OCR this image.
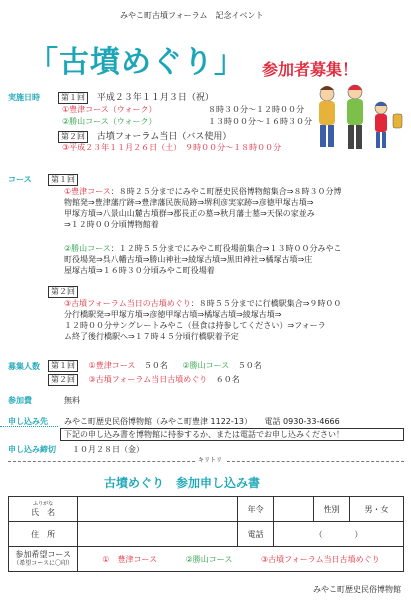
みやこ町古墳フォーラム　記念イベント
「古墳めぐり」 参加者募集！
実施日時	第１回 平成２３年１１月３日（祝）
①豊津コース（ウォーク）	８時３０分～１２時００分
②勝山コース（ウォーク）	１３時００分～１６時３０分
第２回 古墳フォーラム当日（バス使用）
③平成２３年１１月２６日（土）　９時００分～１８時００分
コース	第１回
①豊津コース：８時２５分までにみやこ町歴史民俗博物館集合⇒８時３０分博
物館発⇒豊津藩庁跡⇒豊津藩民族局跡⇒堺利彦実家跡⇒彦徳甲塚古墳⇒
甲塚方墳⇒八景山山麓古墳群⇒郡長正の墓⇒秋月藩士墓⇒天保の家並み
⇒１２時００分頃博物館着
②勝山コース：１２時５５分までにみやこ町役場前集合⇒１３時００分みやこ
町役場発⇒呉八幡古墳⇒勝山神社⇒綾塚古墳⇒黒田神社⇒橘塚古墳⇒庄
屋塚古墳⇒１６時３０分頃みやこ町役場着
第２回
③古墳フォーラム当日の古墳めぐり：８時５５分までに行橋駅集合⇒９時００
分行橋駅発⇒甲塚方墳⇒彦徳甲塚古墳⇒橘塚古墳⇒綾塚古墳⇒
１２時００分サングレートみやこ（昼食は持参してください）⇒フォーラ
ム終了後行橋駅へ⇒１７時４５分頃行橋駅着予定
募集人数	第１回 ①豊津コース ５０名 ②勝山コース ５０名
第２回 ③古墳フォーラム当日古墳めぐり ６０名
参加費	無料
申し込み先 みやこ町歴史民俗博物館（みやこ町豊津 1122-13） 電話 0930-33-4666
下記の申し込み書を博物館に持参するか、または電話でお申し込みください！
申し込み締切 １０月２８日（金）
キリトリ
古墳めぐり　参加申し込み書
ふりがな
氏　名		年令		性別	男・女
住　所		電話	（　　　　）		

参加希望コース
（希望コースに〇印）	①　豊津コース ②勝山コース ③古墳フォーラム当日古墳めぐり				
みやこ町歴史民俗博物館
